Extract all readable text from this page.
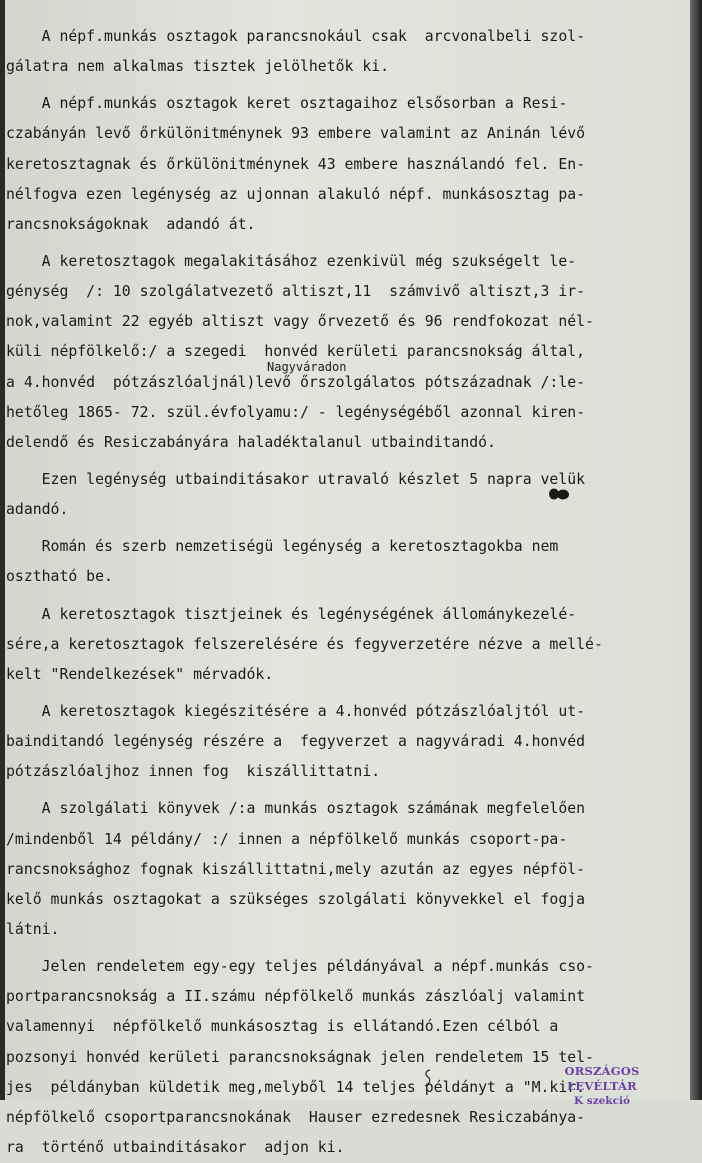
A népf.munkás osztagok parancsnokául csak  arcvonalbeli szol-
gálatra nem alkalmas tisztek jelölhetők ki.
A népf.munkás osztagok keret osztagaihoz elsősorban a Resi-
czabányán levő őrkülönitménynek 93 embere valamint az Aninán lévő
keretosztagnak és őrkülönitménynek 43 embere használandó fel. En-
nélfogva ezen legénység az ujonnan alakuló népf. munkásosztag pa-
rancsnokságoknak  adandó át.
A keretosztagok megalakitásához ezenkivül még szukségelt le-
génység  /: 10 szolgálatvezető altiszt,11  számvivő altiszt,3 ir-
nok,valamint 22 egyéb altiszt vagy őrvezető és 96 rendfokozat nél-
küli népfölkelő:/ a szegedi  honvéd kerületi parancsnokság által,
a 4.honvéd  pótzászlóaljnál)levő őrszolgálatos pótszázadnak /:le-
hetőleg 1865- 72. szül.évfolyamu:/ - legénységéből azonnal kiren-
delendő és Resiczabányára haladéktalanul utbainditandó.
Ezen legénység utbainditásakor utravaló készlet 5 napra velük
adandó.
Román és szerb nemzetiségü legénység a keretosztagokba nem
osztható be.
A keretosztagok tisztjeinek és legénységének állománykezelé-
sére,a keretosztagok felszerelésére és fegyverzetére nézve a mellé-
kelt "Rendelkezések" mérvadók.
A keretosztagok kiegészitésére a 4.honvéd pótzászlóaljtól ut-
bainditandó legénység részére a  fegyverzet a nagyváradi 4.honvéd
pótzászlóaljhoz innen fog  kiszállittatni.
A szolgálati könyvek /:a munkás osztagok számának megfelelően
/mindenből 14 példány/ :/ innen a népfölkelő munkás csoport-pa-
rancsnoksághoz fognak kiszállittatni,mely azután az egyes népföl-
kelő munkás osztagokat a szükséges szolgálati könyvekkel el fogja
látni.
Jelen rendeletem egy-egy teljes példányával a népf.munkás cso-
portparancsnokság a II.számu népfölkelő munkás zászlóalj valamint
valamennyi  népfölkelő munkásosztag is ellátandó.Ezen célból a
pozsonyi honvéd kerületi parancsnokságnak jelen rendeletem 15 tel-
jes  példányban küldetik meg,melyből 14 teljes példányt a "M.kir.
népfölkelő csoportparancsnokának  Hauser ezredesnek Resiczabánya-
ra  történő utbainditásakor  adjon ki.
Nagyváradon
ORSZÁGOS LEVÉLTÁR
K szekció
